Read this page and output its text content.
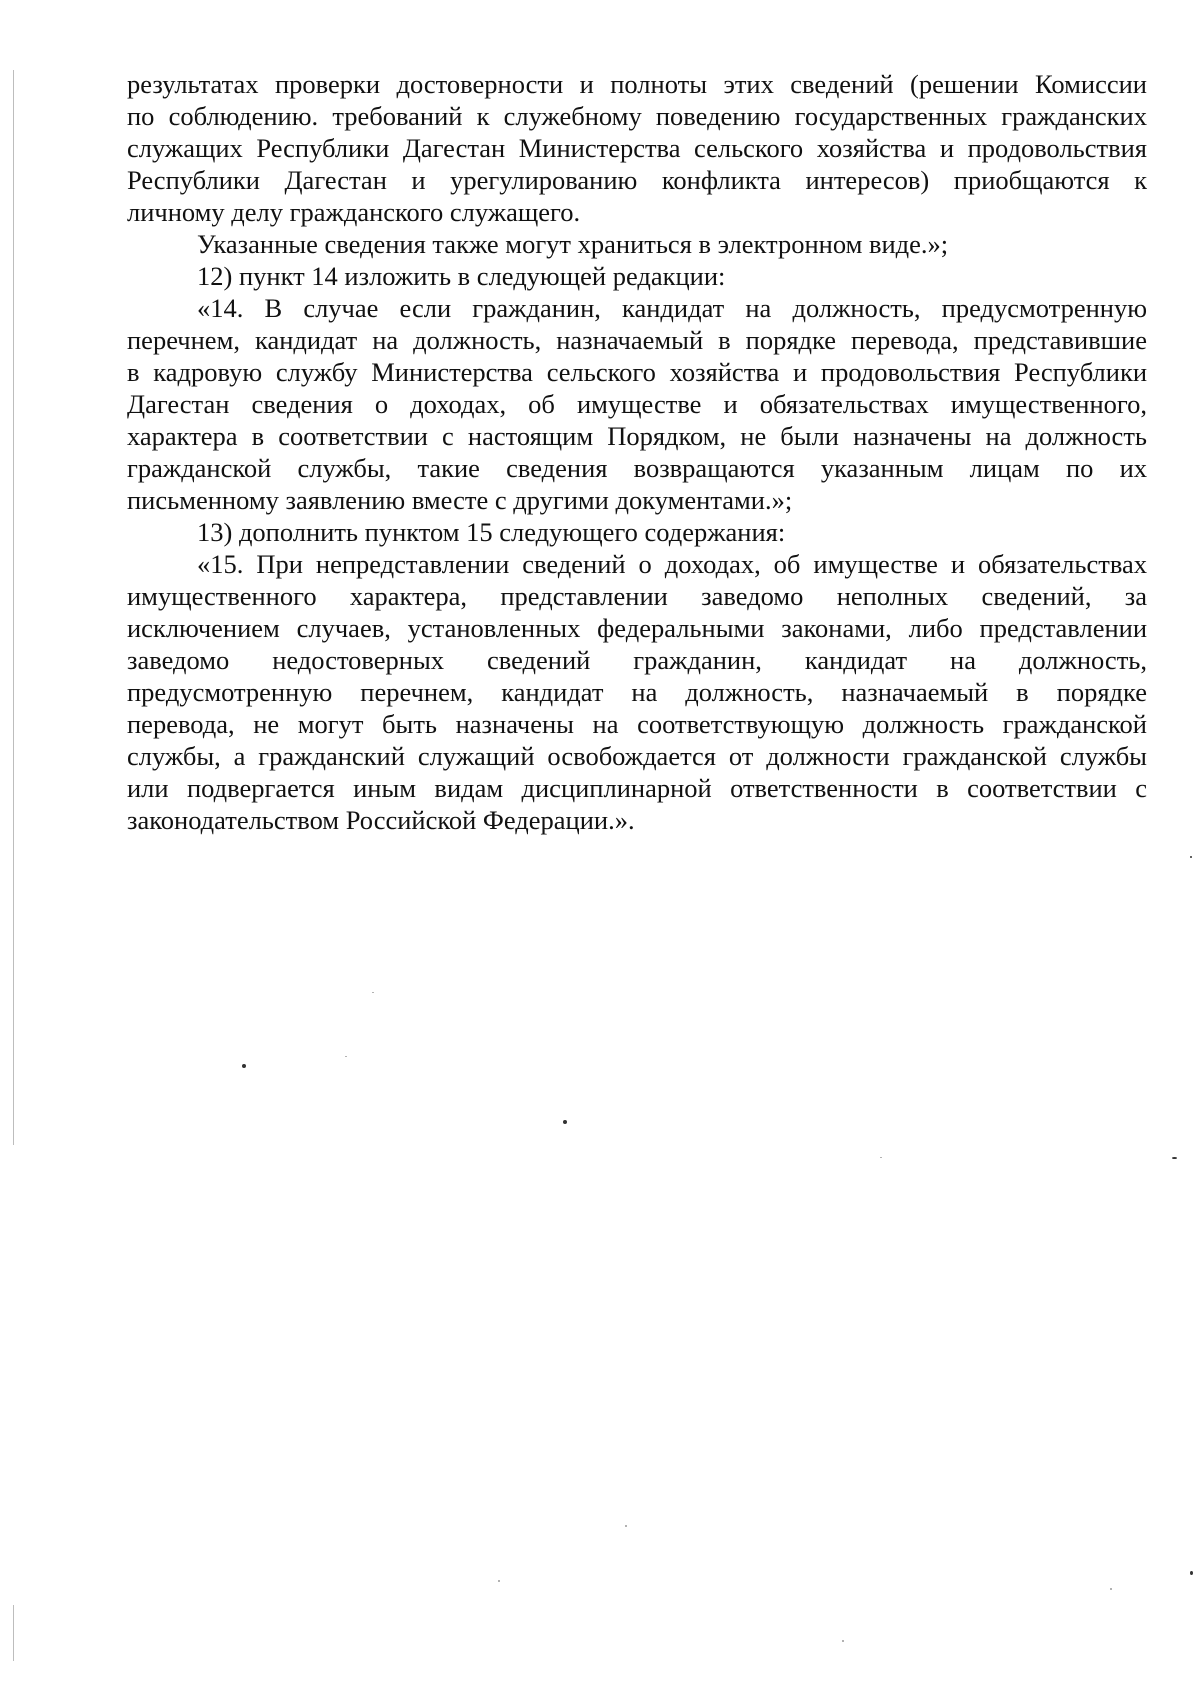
результатах проверки достоверности и полноты этих сведений (решении Комиссии
по соблюдению. требований к служебному поведению государственных гражданских
служащих Республики Дагестан Министерства сельского хозяйства и продовольствия
Республики Дагестан и урегулированию конфликта интересов) приобщаются к
личному делу гражданского служащего.
Указанные сведения также могут храниться в электронном виде.»;
12) пункт 14 изложить в следующей редакции:
«14. В случае если гражданин, кандидат на должность, предусмотренную
перечнем, кандидат на должность, назначаемый в порядке перевода, представившие
в кадровую службу Министерства сельского хозяйства и продовольствия Республики
Дагестан сведения о доходах, об имуществе и обязательствах имущественного,
характера в соответствии с настоящим Порядком, не были назначены на должность
гражданской службы, такие сведения возвращаются указанным лицам по их
письменному заявлению вместе с другими документами.»;
13) дополнить пунктом 15 следующего содержания:
«15. При непредставлении сведений о доходах, об имуществе и обязательствах
имущественного характера, представлении заведомо неполных сведений, за
исключением случаев, установленных федеральными законами, либо представлении
заведомо недостоверных сведений гражданин, кандидат на должность,
предусмотренную перечнем, кандидат на должность, назначаемый в порядке
перевода, не могут быть назначены на соответствующую должность гражданской
службы, а гражданский служащий освобождается от должности гражданской службы
или подвергается иным видам дисциплинарной ответственности в соответствии с
законодательством Российской Федерации.».
